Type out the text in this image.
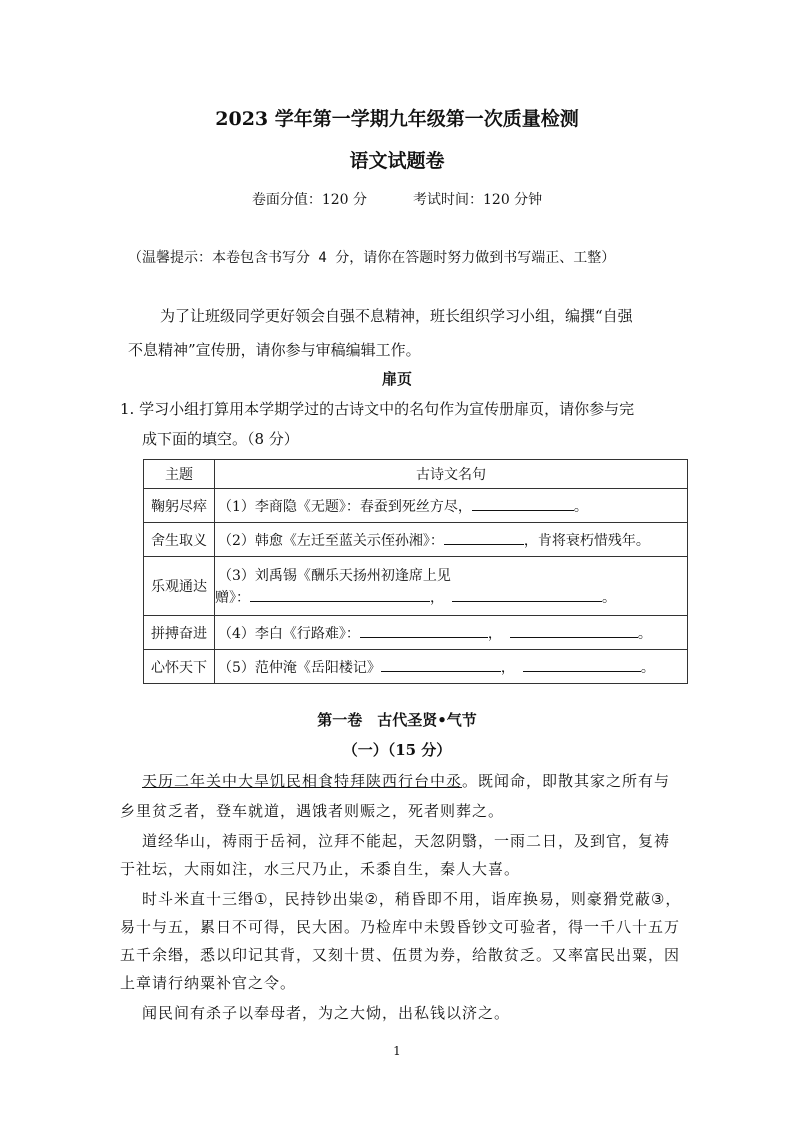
2023 学年第一学期九年级第一次质量检测
语文试题卷
卷面分值：120 分	考试时间：120 分钟
（温馨提示：本卷包含书写分 4 分，请你在答题时努力做到书写端正、工整）
为了让班级同学更好领会自强不息精神，班长组织学习小组，编撰“自强
不息精神”宣传册，请你参与审稿编辑工作。
扉页
1. 学习小组打算用本学期学过的古诗文中的名句作为宣传册扉页，请你参与完
成下面的填空。（8 分）
主题	古诗文名句
鞠躬尽瘁	（1）李商隐《无题》：春蚕到死丝方尽， 。
舍生取义	（2）韩愈《左迁至蓝关示侄孙湘》： ，肯将衰朽惜残年。
乐观通达	（3）刘禹锡《酬乐天扬州初逢席上见
赠》： ， 。

拼搏奋进	（4）李白《行路难》： ， 。
心怀天下	（5）范仲淹《岳阳楼记》 ， 。
第一卷　古代圣贤•气节
（一）（15 分）
天历二年关中大旱饥民相食特拜陕西行台中丞。既闻命，即散其家之所有与
乡里贫乏者，登车就道，遇饿者则赈之，死者则葬之。
道经华山，祷雨于岳祠，泣拜不能起，天忽阴翳，一雨二日，及到官，复祷
于社坛，大雨如注，水三尺乃止，禾黍自生，秦人大喜。
时斗米直十三缗①，民持钞出粜②，稍昏即不用，诣库换易，则豪猾党蔽③，
易十与五，累日不可得，民大困。乃检库中未毁昏钞文可验者，得一千八十五万
五千余缗，悉以印记其背，又刻十贯、伍贯为券，给散贫乏。又率富民出粟，因
上章请行纳粟补官之令。
闻民间有杀子以奉母者，为之大恸，出私钱以济之。
1
